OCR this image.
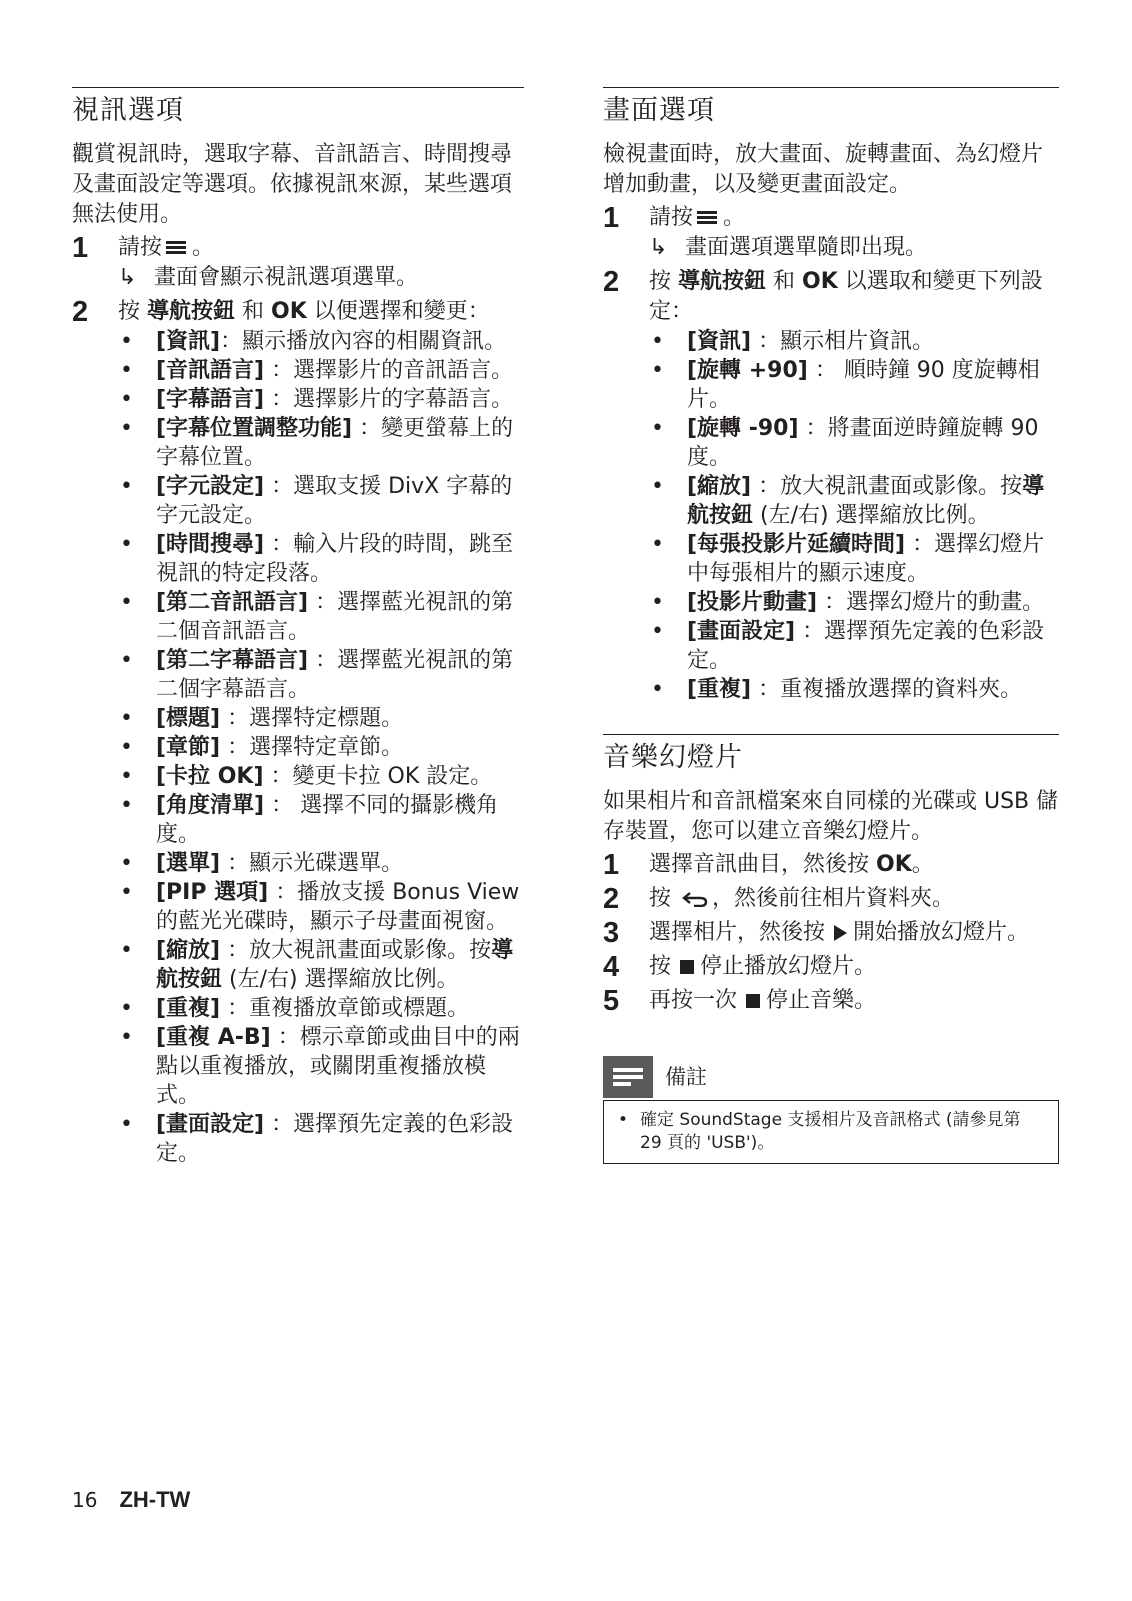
視訊選項

觀賞視訊時，選取字幕、音訊語言、時間搜尋及畫面設定等選項。依據視訊來源，某些選項無法使用。

1 請按 。
↳ 畫面會顯示視訊選項選單。
2 按 導航按鈕 和 OK 以便選擇和變更：
• [資訊]：顯示播放內容的相關資訊。
• [音訊語言] ：選擇影片的音訊語言。
• [字幕語言] ：選擇影片的字幕語言。
• [字幕位置調整功能] ：變更螢幕上的字幕位置。
• [字元設定] ：選取支援 DivX 字幕的字元設定。
• [時間搜尋] ：輸入片段的時間，跳至視訊的特定段落。
• [第二音訊語言] ：選擇藍光視訊的第二個音訊語言。
• [第二字幕語言] ：選擇藍光視訊的第二個字幕語言。
• [標題] ：選擇特定標題。
• [章節] ：選擇特定章節。
• [卡拉 OK] ：變更卡拉 OK 設定。
• [角度清單] ： 選擇不同的攝影機角度。
• [選單] ：顯示光碟選單。
• [PIP 選項] ：播放支援 Bonus View 的藍光光碟時，顯示子母畫面視窗。
• [縮放] ：放大視訊畫面或影像。按導航按鈕 (左/右) 選擇縮放比例。
• [重複] ：重複播放章節或標題。
• [重複 A-B] ：標示章節或曲目中的兩點以重複播放，或關閉重複播放模式。
• [畫面設定] ：選擇預先定義的色彩設定。
畫面選項

檢視畫面時，放大畫面、旋轉畫面、為幻燈片增加動畫，以及變更畫面設定。

1 請按 。
↳ 畫面選項選單隨即出現。
2 按 導航按鈕 和 OK 以選取和變更下列設定：
• [資訊] ：顯示相片資訊。
• [旋轉 +90] ： 順時鐘 90 度旋轉相片。
• [旋轉 -90] ：將畫面逆時鐘旋轉 90 度。
• [縮放] ：放大視訊畫面或影像。按導航按鈕 (左/右) 選擇縮放比例。
• [每張投影片延續時間] ：選擇幻燈片中每張相片的顯示速度。
• [投影片動畫] ：選擇幻燈片的動畫。
• [畫面設定] ：選擇預先定義的色彩設定。
• [重複] ：重複播放選擇的資料夾。
音樂幻燈片

如果相片和音訊檔案來自同樣的光碟或 USB 儲存裝置，您可以建立音樂幻燈片。

1 選擇音訊曲目，然後按 OK。
2 按 ，然後前往相片資料夾。
3 選擇相片，然後按 開始播放幻燈片。
4 按 停止播放幻燈片。
5 再按一次 停止音樂。
備註
• 確定 SoundStage 支援相片及音訊格式 (請參見第 29 頁的 'USB')。
16 ZH-TW
